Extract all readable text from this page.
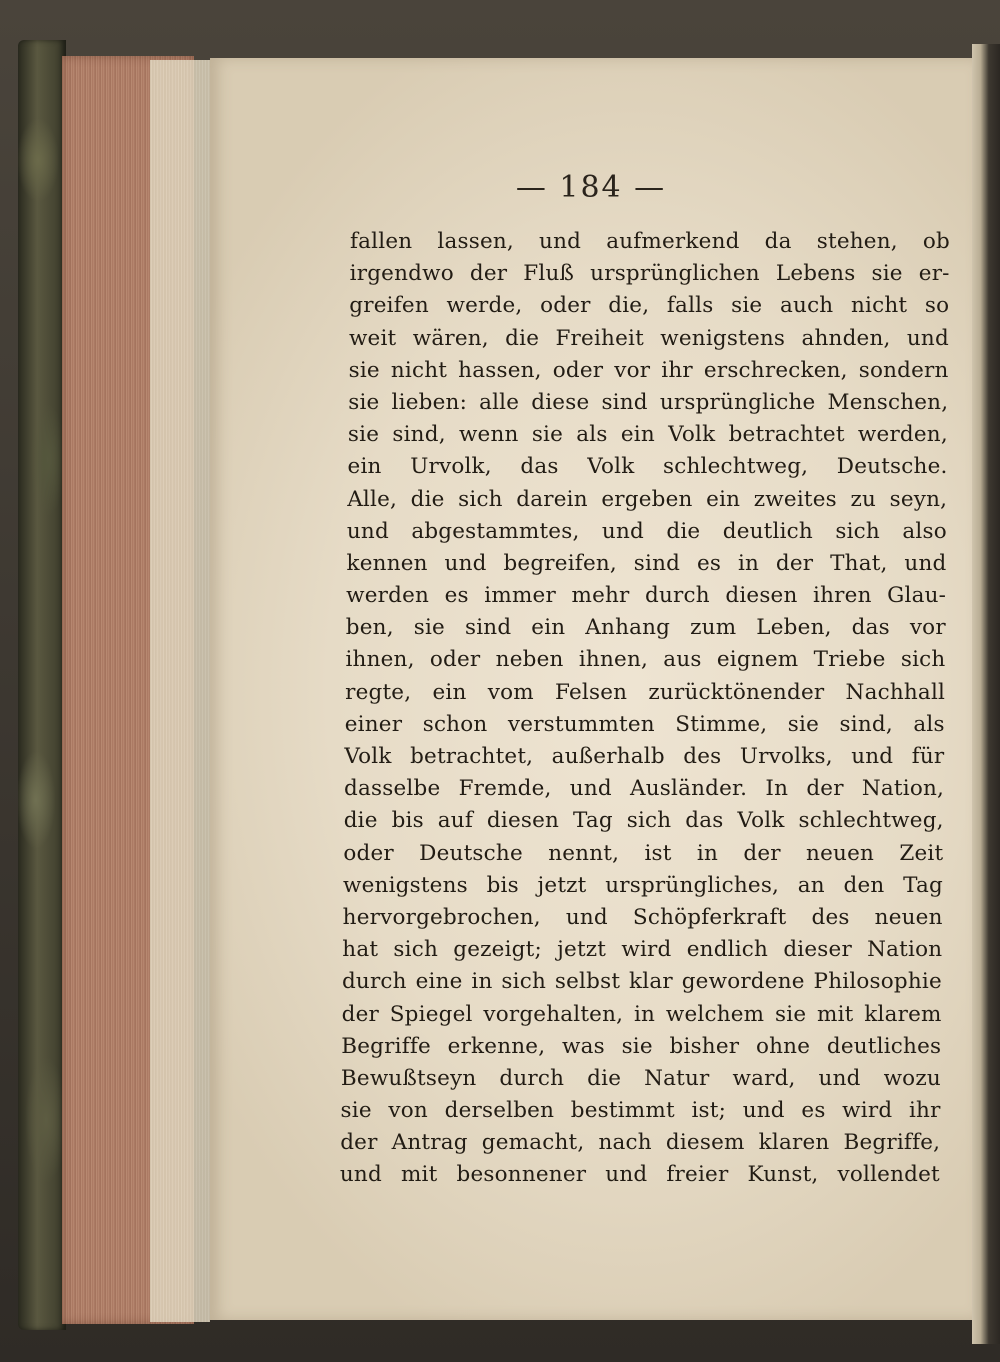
— 184 —
fallen lassen, und aufmerkend da stehen, ob
irgendwo der Fluß ursprünglichen Lebens sie er‑
greifen werde, oder die, falls sie auch nicht so
weit wären, die Freiheit wenigstens ahnden, und
sie nicht hassen, oder vor ihr erschrecken, sondern
sie lieben: alle diese sind ursprüngliche Menschen,
sie sind, wenn sie als ein Volk betrachtet werden,
ein Urvolk, das Volk schlechtweg, Deutsche.
Alle, die sich darein ergeben ein zweites zu seyn,
und abgestammtes, und die deutlich sich also
kennen und begreifen, sind es in der That, und
werden es immer mehr durch diesen ihren Glau‑
ben, sie sind ein Anhang zum Leben, das vor
ihnen, oder neben ihnen, aus eignem Triebe sich
regte, ein vom Felsen zurücktönender Nachhall
einer schon verstummten Stimme, sie sind, als
Volk betrachtet, außerhalb des Urvolks, und für
dasselbe Fremde, und Ausländer. In der Nation,
die bis auf diesen Tag sich das Volk schlechtweg,
oder Deutsche nennt, ist in der neuen Zeit
wenigstens bis jetzt ursprüngliches, an den Tag
hervorgebrochen, und Schöpferkraft des neuen
hat sich gezeigt; jetzt wird endlich dieser Nation
durch eine in sich selbst klar gewordene Philosophie
der Spiegel vorgehalten, in welchem sie mit klarem
Begriffe erkenne, was sie bisher ohne deutliches
Bewußtseyn durch die Natur ward, und wozu
sie von derselben bestimmt ist; und es wird ihr
der Antrag gemacht, nach diesem klaren Begriffe,
und mit besonnener und freier Kunst, vollendet
